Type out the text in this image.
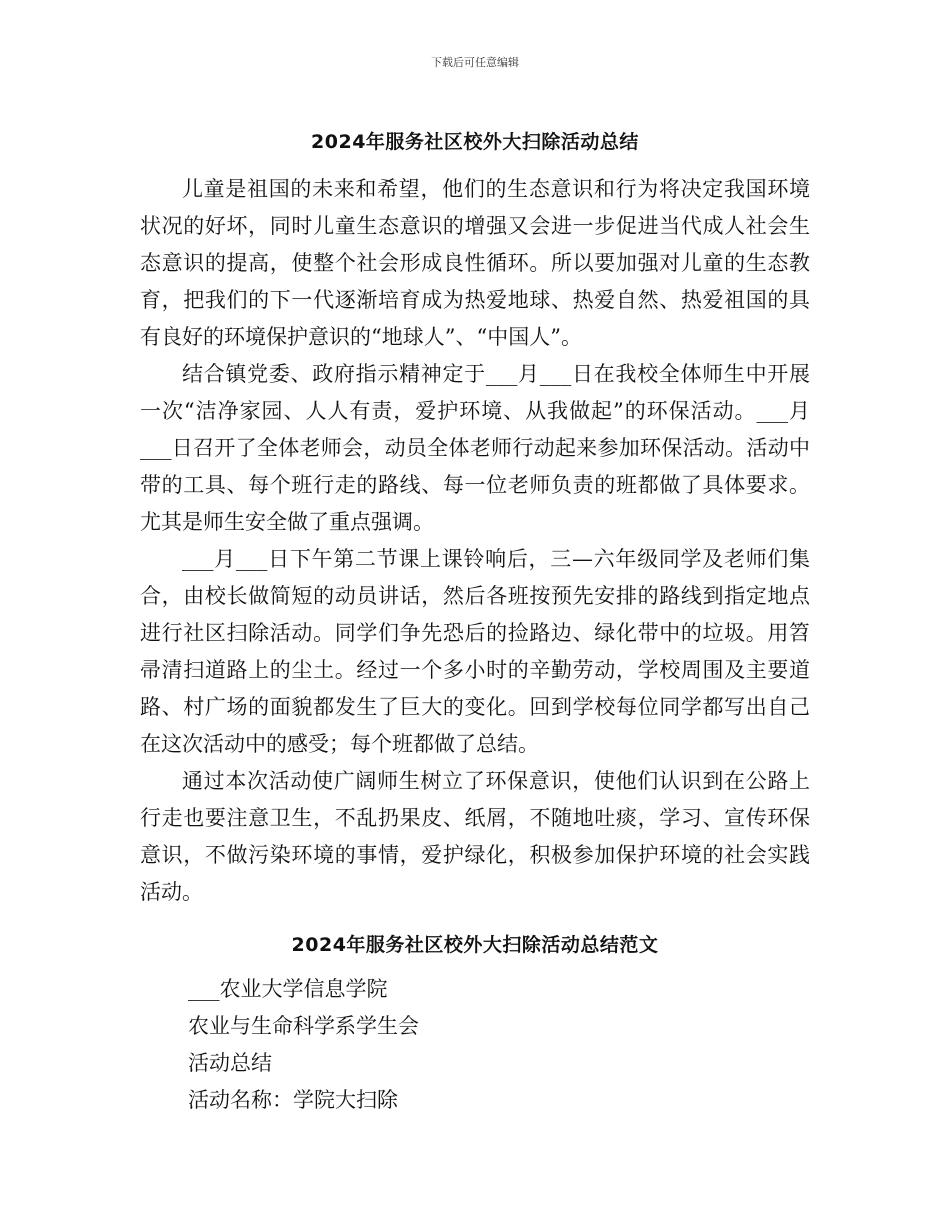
下载后可任意编辑
2024年服务社区校外大扫除活动总结

儿童是祖国的未来和希望，他们的生态意识和行为将决定我国环境状况的好坏，同时儿童生态意识的增强又会进一步促进当代成人社会生态意识的提高，使整个社会形成良性循环。所以要加强对儿童的生态教育，把我们的下一代逐渐培育成为热爱地球、热爱自然、热爱祖国的具有良好的环境保护意识的“地球人”、“中国人”。

结合镇党委、政府指示精神定于___月___日在我校全体师生中开展一次“洁净家园、人人有责，爱护环境、从我做起”的环保活动。___月___日召开了全体老师会，动员全体老师行动起来参加环保活动。活动中带的工具、每个班行走的路线、每一位老师负责的班都做了具体要求。尤其是师生安全做了重点强调。

___月___日下午第二节课上课铃响后，三—六年级同学及老师们集合，由校长做简短的动员讲话，然后各班按预先安排的路线到指定地点进行社区扫除活动。同学们争先恐后的捡路边、绿化带中的垃圾。用笤帚清扫道路上的尘土。经过一个多小时的辛勤劳动，学校周围及主要道路、村广场的面貌都发生了巨大的变化。回到学校每位同学都写出自己在这次活动中的感受；每个班都做了总结。

通过本次活动使广阔师生树立了环保意识，使他们认识到在公路上行走也要注意卫生，不乱扔果皮、纸屑，不随地吐痰，学习、宣传环保意识，不做污染环境的事情，爱护绿化，积极参加保护环境的社会实践活动。

2024年服务社区校外大扫除活动总结范文
___农业大学信息学院
农业与生命科学系学生会
活动总结
活动名称：学院大扫除
